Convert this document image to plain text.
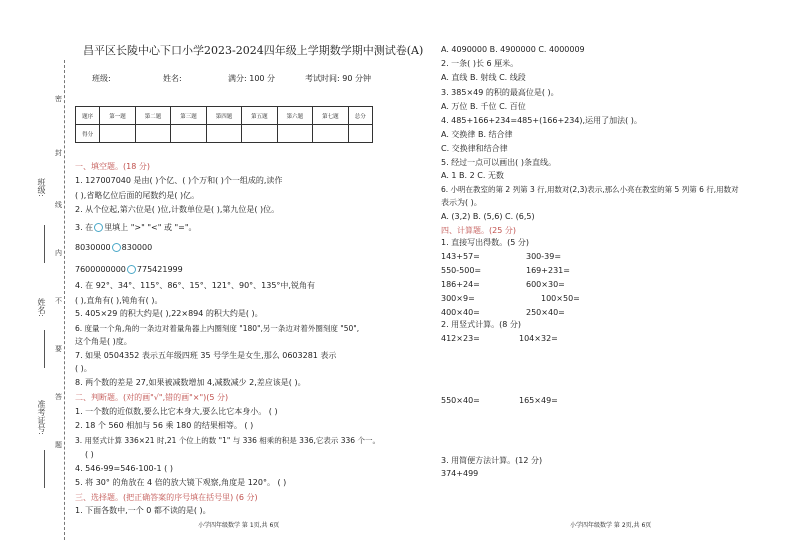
班级:
姓名:
准考证号:
密
封
线
内
不
要
答
题
昌平区长陵中心下口小学2023-2024四年级上学期数学期中测试卷(A)
班级:	姓名:	满分: 100 分	考试时间: 90 分钟
题序	第一题	第二题	第三题	第四题	第五题	第六题	第七题	总分
得分								
一、填空题。(18 分)
1. 127007040 是由( )个亿、( )个万和( )个一组成的,读作
( ),省略亿位后面的尾数约是( )亿。
2. 从个位起,第六位是( )位,计数单位是( ),第九位是( )位。
3. 在 里填上 ">" "<" 或 "="。
8030000 830000
7600000000 775421999
4. 在 92°、34°、115°、86°、15°、121°、90°、135°中,锐角有
( ),直角有( ),钝角有( )。
5. 405×29 的积大约是( ),22×894 的积大约是( )。
6. 度量一个角,角的一条边对着量角器上内圈刻度 "180",另一条边对着外圈刻度 "50",
这个角是( )度。
7. 如果 0504352 表示五年级四班 35 号学生是女生,那么 0603281 表示
( )。
8. 两个数的差是 27,如果被减数增加 4,减数减少 2,差应该是( )。
二、判断题。(对的画"√",错的画"×")(5 分)
1. 一个数的近似数,要么比它本身大,要么比它本身小。 ( )
2. 18 个 560 相加与 56 乘 180 的结果相等。 ( )
3. 用竖式计算 336×21 时,21 个位上的数 "1" 与 336 相乘的积是 336,它表示 336 个一。
( )
4. 546-99=546-100-1 ( )
5. 将 30° 的角放在 4 倍的放大镜下观察,角度是 120°。 ( )
三、选择题。(把正确答案的序号填在括号里) (6 分)
1. 下面各数中,一个 0 都不读的是( )。
小学四年级数学 第 1页,共 6页
A. 4090000 B. 4900000 C. 4000009
2. 一条( )长 6 厘米。
A. 直线 B. 射线 C. 线段
3. 385×49 的积的最高位是( )。
A. 万位 B. 千位 C. 百位
4. 485+166+234=485+(166+234),运用了加法( )。
A. 交换律 B. 结合律
C. 交换律和结合律
5. 经过一点可以画出( )条直线。
A. 1 B. 2 C. 无数
6. 小明在教室的第 2 列第 3 行,用数对(2,3)表示,那么小亮在教室的第 5 列第 6 行,用数对
表示为( )。
A. (3,2) B. (5,6) C. (6,5)
四、计算题。(25 分)
1. 直接写出得数。(5 分)
143+57=	300-39=
550-500=	169+231=
186+24=	600×30=
300×9=	100×50=
400×40=	250×40=
2. 用竖式计算。(8 分)
412×23=	104×32=
550×40=	165×49=
3. 用简便方法计算。(12 分)
374+499
小学四年级数学 第 2页,共 6页
